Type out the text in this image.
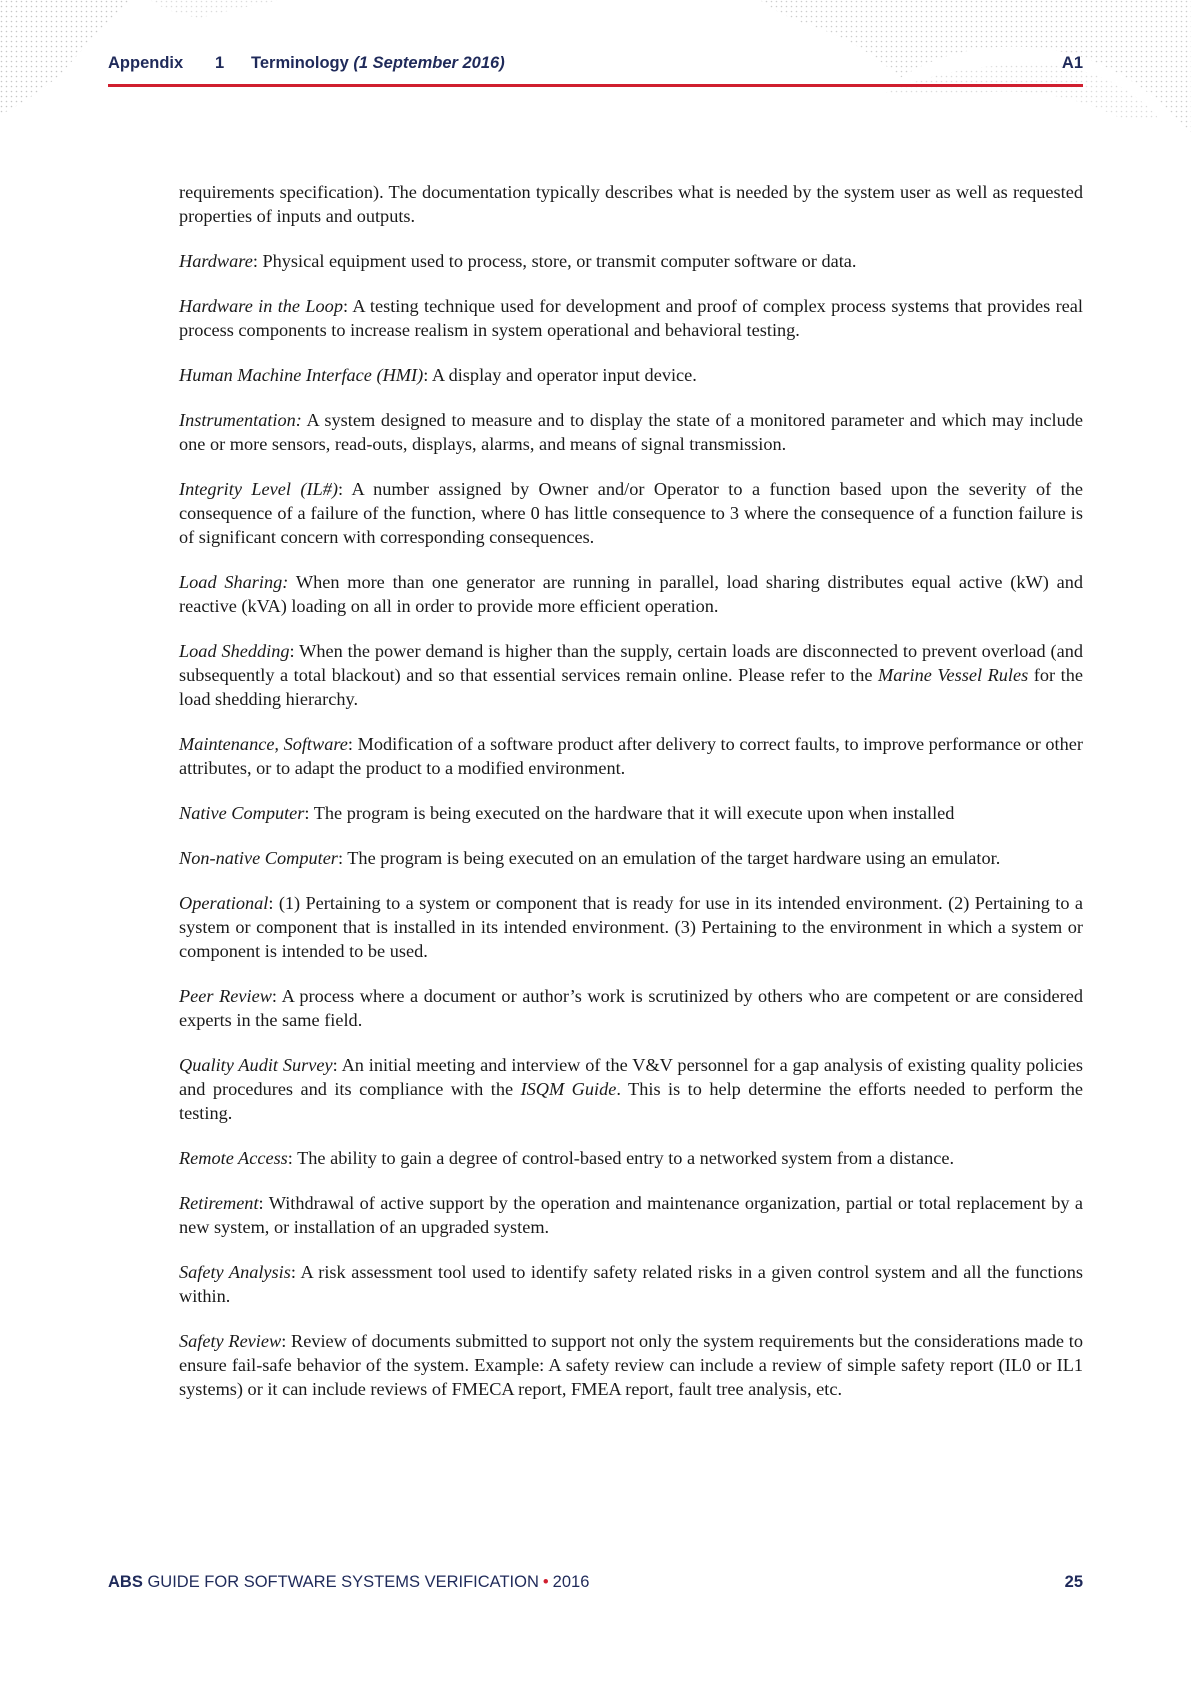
Appendix 1 Terminology (1 September 2016)	A1

requirements specification). The documentation typically describes what is needed by the system user as well as requested properties of inputs and outputs.

Hardware: Physical equipment used to process, store, or transmit computer software or data.

Hardware in the Loop: A testing technique used for development and proof of complex process systems that provides real process components to increase realism in system operational and behavioral testing.

Human Machine Interface (HMI): A display and operator input device.

Instrumentation: A system designed to measure and to display the state of a monitored parameter and which may include one or more sensors, read-outs, displays, alarms, and means of signal transmission.

Integrity Level (IL#): A number assigned by Owner and/or Operator to a function based upon the severity of the consequence of a failure of the function, where 0 has little consequence to 3 where the consequence of a function failure is of significant concern with corresponding consequences.

Load Sharing: When more than one generator are running in parallel, load sharing distributes equal active (kW) and reactive (kVA) loading on all in order to provide more efficient operation.

Load Shedding: When the power demand is higher than the supply, certain loads are disconnected to prevent overload (and subsequently a total blackout) and so that essential services remain online. Please refer to the Marine Vessel Rules for the load shedding hierarchy.

Maintenance, Software: Modification of a software product after delivery to correct faults, to improve performance or other attributes, or to adapt the product to a modified environment.

Native Computer: The program is being executed on the hardware that it will execute upon when installed

Non-native Computer: The program is being executed on an emulation of the target hardware using an emulator.

Operational: (1) Pertaining to a system or component that is ready for use in its intended environment. (2) Pertaining to a system or component that is installed in its intended environment. (3) Pertaining to the environment in which a system or component is intended to be used.

Peer Review: A process where a document or author’s work is scrutinized by others who are competent or are considered experts in the same field.

Quality Audit Survey: An initial meeting and interview of the V&V personnel for a gap analysis of existing quality policies and procedures and its compliance with the ISQM Guide. This is to help determine the efforts needed to perform the testing.

Remote Access: The ability to gain a degree of control-based entry to a networked system from a distance.

Retirement: Withdrawal of active support by the operation and maintenance organization, partial or total replacement by a new system, or installation of an upgraded system.

Safety Analysis: A risk assessment tool used to identify safety related risks in a given control system and all the functions within.

Safety Review: Review of documents submitted to support not only the system requirements but the considerations made to ensure fail-safe behavior of the system. Example: A safety review can include a review of simple safety report (IL0 or IL1 systems) or it can include reviews of FMECA report, FMEA report, fault tree analysis, etc.

ABS GUIDE FOR SOFTWARE SYSTEMS VERIFICATION • 2016	25
